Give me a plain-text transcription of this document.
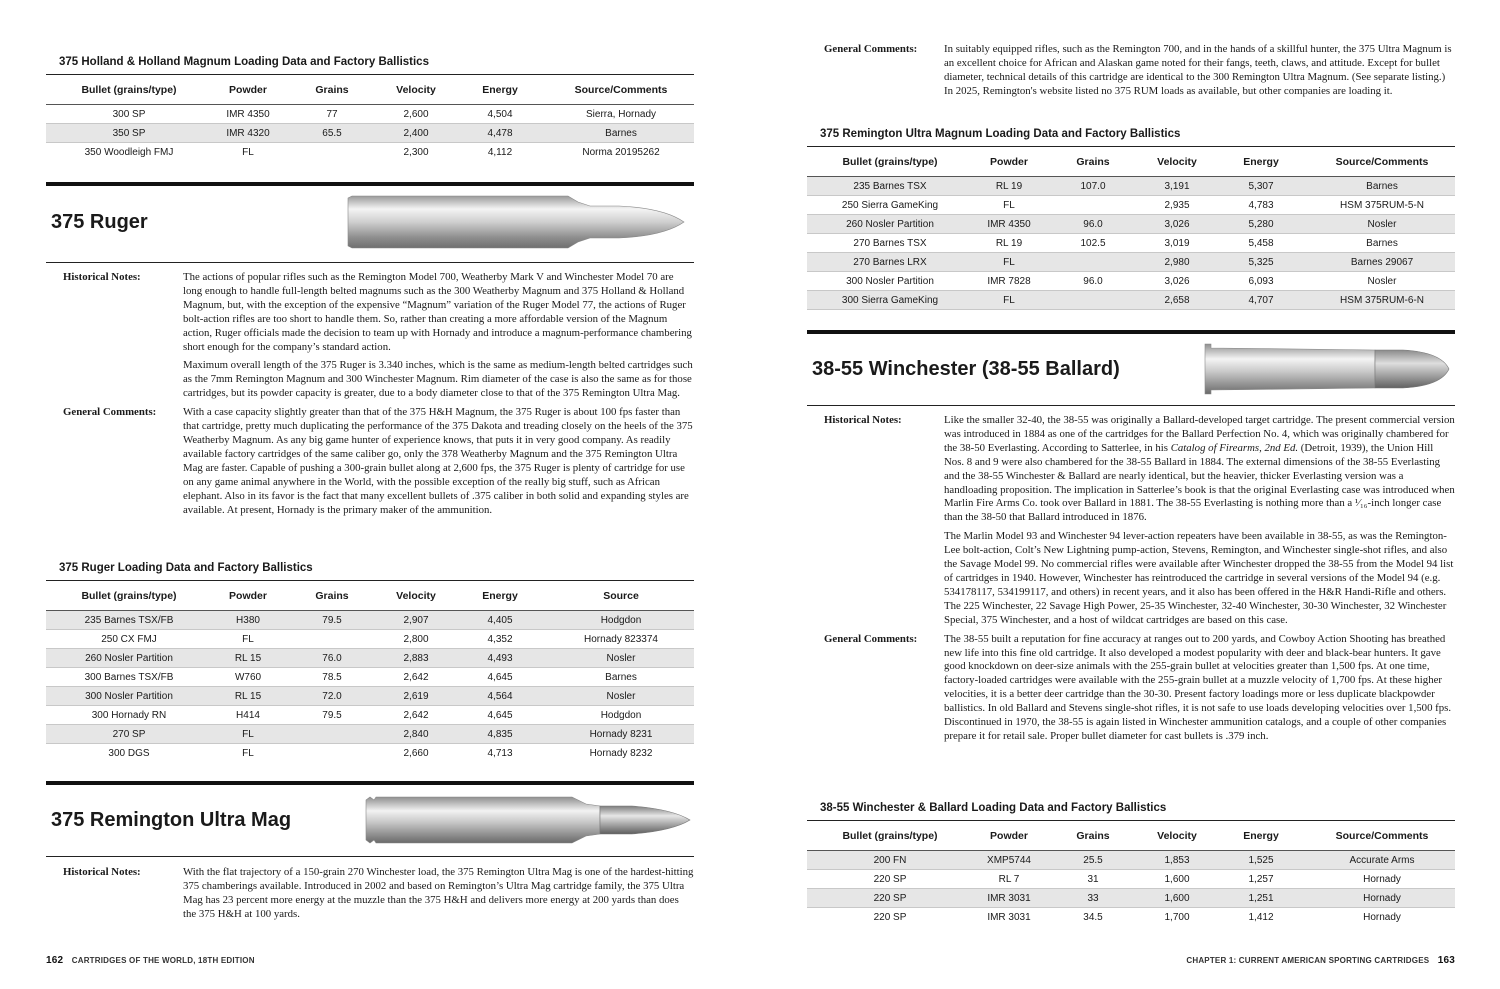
375 Holland & Holland Magnum Loading Data and Factory Ballistics
Bullet (grains/type)	Powder	Grains	Velocity	Energy	Source/Comments
300 SP	IMR 4350	77	2,600	4,504	Sierra, Hornady
350 SP	IMR 4320	65.5	2,400	4,478	Barnes
350 Woodleigh FMJ	FL		2,300	4,112	Norma 20195262
375 Ruger
Historical Notes:	The actions of popular rifles such as the Remington Model 700, Weatherby Mark V and Winchester Model 70 are long enough to handle full-length belted magnums such as the 300 Weatherby Magnum and 375 Holland & Holland Magnum, but, with the exception of the expensive “Magnum” variation of the Ruger Model 77, the actions of Ruger bolt-action rifles are too short to handle them. So, rather than creating a more affordable version of the Magnum action, Ruger officials made the decision to team up with Hornady and introduce a magnum-performance chambering short enough for the company’s standard action.

Maximum overall length of the 375 Ruger is 3.340 inches, which is the same as medium-length belted cartridges such as the 7mm Remington Magnum and 300 Winchester Magnum. Rim diameter of the case is also the same as for those cartridges, but its powder capacity is greater, due to a body diameter close to that of the 375 Remington Ultra Mag.

General Comments:	With a case capacity slightly greater than that of the 375 H&H Magnum, the 375 Ruger is about 100 fps faster than that cartridge, pretty much duplicating the performance of the 375 Dakota and treading closely on the heels of the 375 Weatherby Magnum. As any big game hunter of experience knows, that puts it in very good company. As readily available factory cartridges of the same caliber go, only the 378 Weatherby Magnum and the 375 Remington Ultra Mag are faster. Capable of pushing a 300-grain bullet along at 2,600 fps, the 375 Ruger is plenty of cartridge for use on any game animal anywhere in the World, with the possible exception of the really big stuff, such as African elephant. Also in its favor is the fact that many excellent bullets of .375 caliber in both solid and expanding styles are available. At present, Hornady is the primary maker of the ammunition.

375 Ruger Loading Data and Factory Ballistics
Bullet (grains/type)	Powder	Grains	Velocity	Energy	Source
235 Barnes TSX/FB	H380	79.5	2,907	4,405	Hodgdon
250 CX FMJ	FL		2,800	4,352	Hornady 823374
260 Nosler Partition	RL 15	76.0	2,883	4,493	Nosler
300 Barnes TSX/FB	W760	78.5	2,642	4,645	Barnes
300 Nosler Partition	RL 15	72.0	2,619	4,564	Nosler
300 Hornady RN	H414	79.5	2,642	4,645	Hodgdon
270 SP	FL		2,840	4,835	Hornady 8231
300 DGS	FL		2,660	4,713	Hornady 8232
375 Remington Ultra Mag
Historical Notes:	With the flat trajectory of a 150-grain 270 Winchester load, the 375 Remington Ultra Mag is one of the hardest-hitting 375 chamberings available. Introduced in 2002 and based on Remington’s Ultra Mag cartridge family, the 375 Ultra Mag has 23 percent more energy at the muzzle than the 375 H&H and delivers more energy at 200 yards than does the 375 H&H at 100 yards.

162 CARTRIDGES OF THE WORLD, 18TH EDITION
General Comments:	In suitably equipped rifles, such as the Remington 700, and in the hands of a skillful hunter, the 375 Ultra Magnum is an excellent choice for African and Alaskan game noted for their fangs, teeth, claws, and attitude. Except for bullet diameter, technical details of this cartridge are identical to the 300 Remington Ultra Magnum. (See separate listing.) In 2025, Remington's website listed no 375 RUM loads as available, but other companies are loading it.

375 Remington Ultra Magnum Loading Data and Factory Ballistics
Bullet (grains/type)	Powder	Grains	Velocity	Energy	Source/Comments
235 Barnes TSX	RL 19	107.0	3,191	5,307	Barnes
250 Sierra GameKing	FL		2,935	4,783	HSM 375RUM-5-N
260 Nosler Partition	IMR 4350	96.0	3,026	5,280	Nosler
270 Barnes TSX	RL 19	102.5	3,019	5,458	Barnes
270 Barnes LRX	FL		2,980	5,325	Barnes 29067
300 Nosler Partition	IMR 7828	96.0	3,026	6,093	Nosler
300 Sierra GameKing	FL		2,658	4,707	HSM 375RUM-6-N
38-55 Winchester (38-55 Ballard)
Historical Notes:	Like the smaller 32-40, the 38-55 was originally a Ballard-developed target cartridge. The present commercial version was introduced in 1884 as one of the cartridges for the Ballard Perfection No. 4, which was originally chambered for the 38-50 Everlasting. According to Satterlee, in his Catalog of Firearms, 2nd Ed. (Detroit, 1939), the Union Hill Nos. 8 and 9 were also chambered for the 38-55 Ballard in 1884. The external dimensions of the 38-55 Everlasting and the 38-55 Winchester & Ballard are nearly identical, but the heavier, thicker Everlasting version was a handloading proposition. The implication in Satterlee’s book is that the original Everlasting case was introduced when Marlin Fire Arms Co. took over Ballard in 1881. The 38-55 Everlasting is nothing more than a ¹⁄₁₆-inch longer case than the 38-50 that Ballard introduced in 1876.

The Marlin Model 93 and Winchester 94 lever-action repeaters have been available in 38-55, as was the Remington-Lee bolt-action, Colt’s New Lightning pump-action, Stevens, Remington, and Winchester single-shot rifles, and also the Savage Model 99. No commercial rifles were available after Winchester dropped the 38-55 from the Model 94 list of cartridges in 1940. However, Winchester has reintroduced the cartridge in several versions of the Model 94 (e.g. 534178117, 534199117, and others) in recent years, and it also has been offered in the H&R Handi-Rifle and others. The 225 Winchester, 22 Savage High Power, 25-35 Winchester, 32-40 Winchester, 30-30 Winchester, 32 Winchester Special, 375 Winchester, and a host of wildcat cartridges are based on this case.

General Comments:	The 38-55 built a reputation for fine accuracy at ranges out to 200 yards, and Cowboy Action Shooting has breathed new life into this fine old cartridge. It also developed a modest popularity with deer and black-bear hunters. It gave good knockdown on deer-size animals with the 255-grain bullet at velocities greater than 1,500 fps. At one time, factory-loaded cartridges were available with the 255-grain bullet at a muzzle velocity of 1,700 fps. At these higher velocities, it is a better deer cartridge than the 30-30. Present factory loadings more or less duplicate blackpowder ballistics. In old Ballard and Stevens single-shot rifles, it is not safe to use loads developing velocities over 1,500 fps. Discontinued in 1970, the 38-55 is again listed in Winchester ammunition catalogs, and a couple of other companies prepare it for retail sale. Proper bullet diameter for cast bullets is .379 inch.

38-55 Winchester & Ballard Loading Data and Factory Ballistics
Bullet (grains/type)	Powder	Grains	Velocity	Energy	Source/Comments
200 FN	XMP5744	25.5	1,853	1,525	Accurate Arms
220 SP	RL 7	31	1,600	1,257	Hornady
220 SP	IMR 3031	33	1,600	1,251	Hornady
220 SP	IMR 3031	34.5	1,700	1,412	Hornady
CHAPTER 1: CURRENT AMERICAN SPORTING CARTRIDGES 163
